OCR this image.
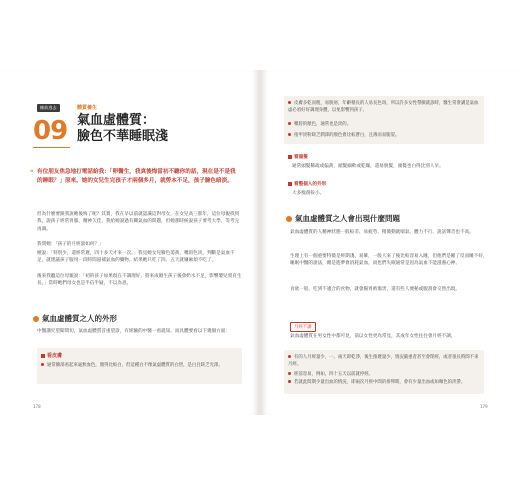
擁前逃去
09
體質養生
氣血虛體質：
臉色不華睡眠淺
❝ 有位朋友焦急地打電話給我：「卵醫生，我真後悔當初不聽你的話，現在是不是我的睡眠？」原來，她的女兒生完孩子才兩個多月，就勞本不足，孩子臉色暗淡。
但為什麼要跟我說她後悔了呢？其實，我在早以前就認識這對母女，在女兒高三那年，這位母親找到我，說孩子經常胃脹、精神欠佳，我給她說過有關氣血的問題，但她那時候說孩子要考大學，等考完再調。
我問她：「孩子的月經量如何？」
她說：「特別少，還經常遲，四十多天才來一次。」我見她女兒臉色萎黃，嘴唇色淡，判斷是氣血不足，就建議孩子服用一段時間滋補氣血的藥物。結果她只吃了四、五天就嫌麻煩不吃了。
後來我聽這位母親說：「初的孩子如果現在不調理好，將來成婚生孩子後會奶水不足，影響嬰兒發育生長。」當時她們母女也是半信半疑，不以為意。
氣血虛體質之人的外形
中醫講究望聞問切，氣血虛體質首重望診，有經驗的中醫一看就知。而具體要看以下幾個方面：
看皮膚
通常臉部看起來毫無血色，顏得比較白，但這種白不像氣虛體質的白皙，是白且缺乏光澤。
178
皮膚多乾而粗，易脫屑，年齡稍長的人易長色斑，所以許多女性帶臉就診時，醫生常會講是氣血虛必須好好調理身體，以免影響到孩子。
嘴唇的顏色，通常也是淡的。
指甲淡粉缺乏潤澤的顏色會比較蒼白，且薄而易脆裂。
看頭髮
通常頭髮稀疏或偏黃，頭髮細軟或乾燥，還易脫髮，頭髮也白得比別人早。
看整個人的外形
大多瘦削較小。
氣血虛體質之人會出現什麼問題
氣血虛體質的人精神狀態一般較差、易疲勞、稍微動就喘氣、體力不行、說話聲音也不高。
生理上有一個重要特徵是經期淺、易暈，一般人來了後比較容易入睡，但他們是睡了反而睡不好，睡眠中醫的說法，總是進夢會消耗氣血，而也們失眠通常是因為氣血不能滋養心神。
食欲一般，吃到不適合的食物，就會腸胃被傷害，還有些人便秘或腹瀉會交替出現。
月經不調
氣血虛體質在男女性中都可見，前以女性更為常見，其成年女性往往會月經不調，
有的人月經量少，一、兩天即乾淨，後生推遲量少，情況嚴重者甚至會閉經，或者很長時間不來月經。
經前容易，例如，四十五天以前就停經。
若就此間期少量出血的情況，即兩次月經中間的排卵期，會有少量出血或如咖色的淡帶。
179
